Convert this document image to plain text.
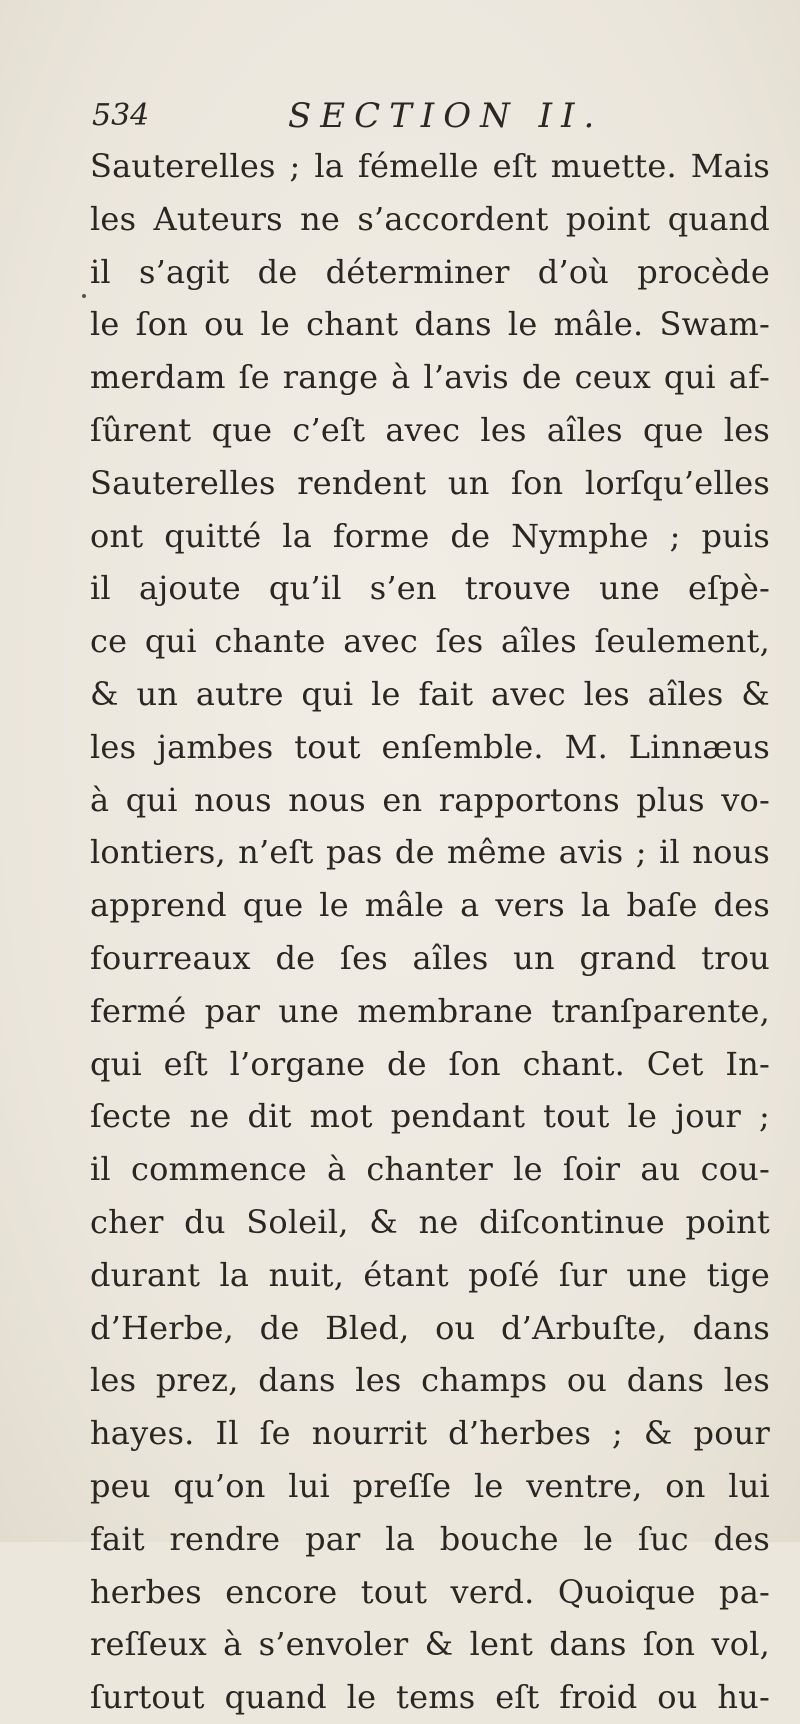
534	SECTION II.
Sauterelles ; la fémelle eſt muette. Mais
les Auteurs ne s’accordent point quand
il s’agit de déterminer d’où procède
le ſon ou le chant dans le mâle. Swam-
merdam ſe range à l’avis de ceux qui af-
ſûrent que c’eſt avec les aîles que les
Sauterelles rendent un ſon lorſqu’elles
ont quitté la forme de Nymphe ; puis
il ajoute qu’il s’en trouve une eſpè-
ce qui chante avec ſes aîles ſeulement,
& un autre qui le fait avec les aîles &
les jambes tout enſemble. M. Linnæus
à qui nous nous en rapportons plus vo-
lontiers, n’eſt pas de même avis ; il nous
apprend que le mâle a vers la baſe des
fourreaux de ſes aîles un grand trou
fermé par une membrane tranſparente,
qui eſt l’organe de ſon chant. Cet In-
ſecte ne dit mot pendant tout le jour ;
il commence à chanter le ſoir au cou-
cher du Soleil, & ne diſcontinue point
durant la nuit, étant poſé ſur une tige
d’Herbe, de Bled, ou d’Arbuſte, dans
les prez, dans les champs ou dans les
hayes. Il ſe nourrit d’herbes ; & pour
peu qu’on lui preſſe le ventre, on lui
fait rendre par la bouche le ſuc des
herbes encore tout verd. Quoique pa-
reſſeux à s’envoler & lent dans ſon vol,
ſurtout quand le tems eſt froid ou hu-
